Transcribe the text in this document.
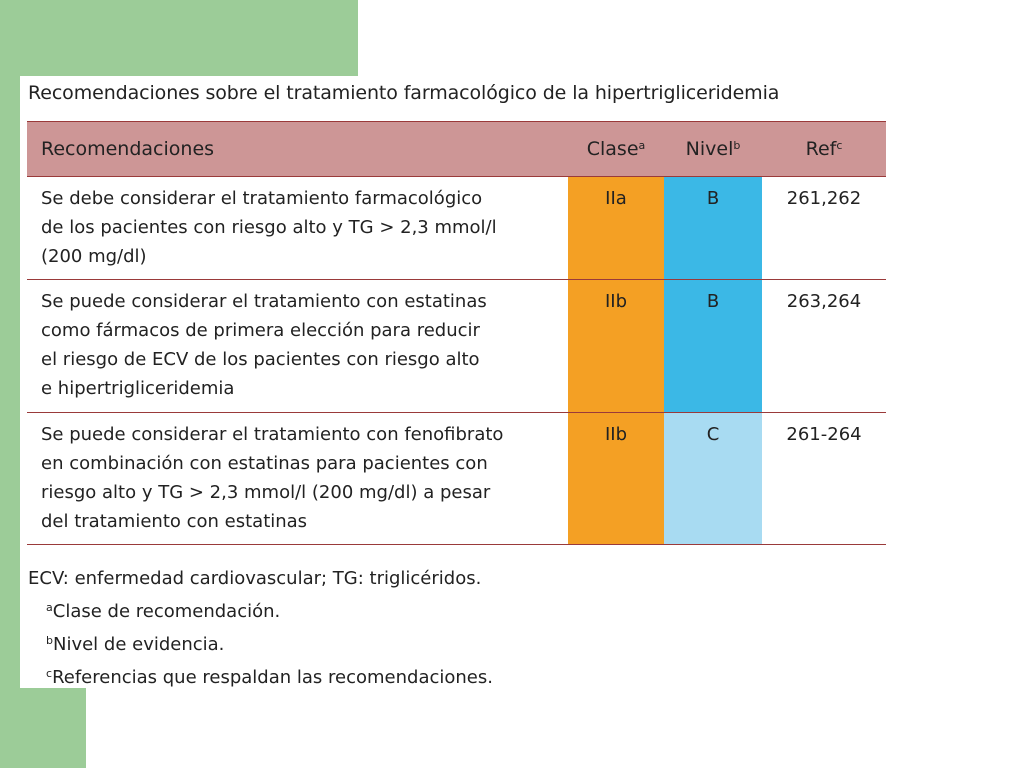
Recomendaciones sobre el tratamiento farmacológico de la hipertrigliceridemia
Recomendaciones	Clase$^a$	Nivel$^b$	Ref$^c$

Se debe considerar el tratamiento farmacológico
de los pacientes con riesgo alto y TG > 2,3 mmol/l
(200 mg/dl)	IIa	B	261,262

Se puede considerar el tratamiento con estatinas
como fármacos de primera elección para reducir
el riesgo de ECV de los pacientes con riesgo alto
e hipertrigliceridemia	IIb	B	263,264

Se puede considerar el tratamiento con fenofibrato
en combinación con estatinas para pacientes con
riesgo alto y TG > 2,3 mmol/l (200 mg/dl) a pesar
del tratamiento con estatinas	IIb	C	261-264
ECV: enfermedad cardiovascular; TG: triglicéridos.
$^a$Clase de recomendación.
$^b$Nivel de evidencia.
$^c$Referencias que respaldan las recomendaciones.
